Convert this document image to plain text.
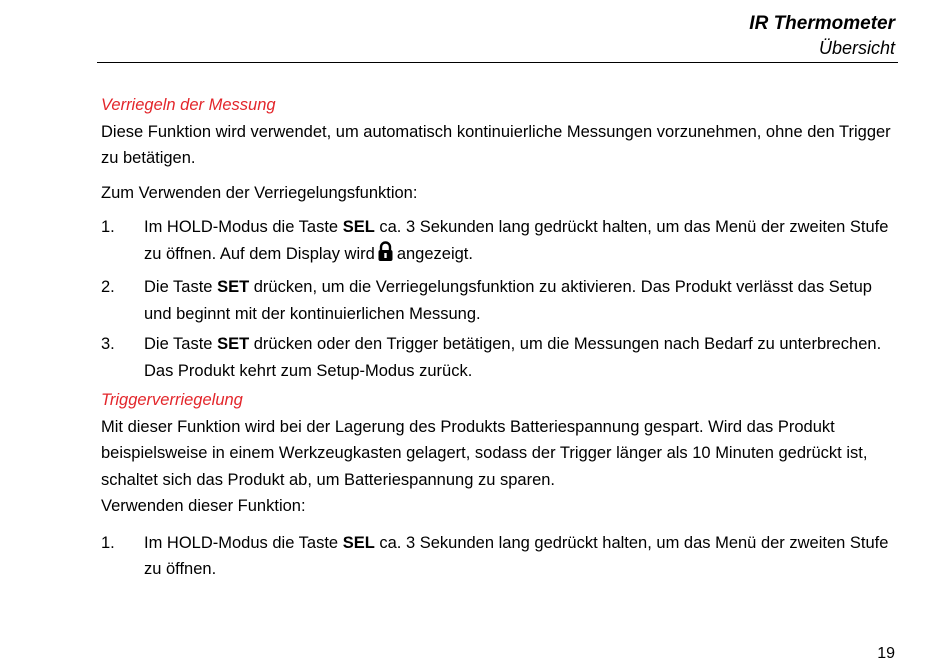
IR Thermometer
Übersicht

Verriegeln der Messung

Diese Funktion wird verwendet, um automatisch kontinuierliche Messungen vorzunehmen, ohne den Trigger zu betätigen.

Zum Verwenden der Verriegelungsfunktion:

1.	Im HOLD-Modus die Taste SEL ca. 3 Sekunden lang gedrückt halten, um das Menü der zweiten Stufe zu öffnen. Auf dem Display wird angezeigt.
2.	Die Taste SET drücken, um die Verriegelungsfunktion zu aktivieren. Das Produkt verlässt das Setup und beginnt mit der kontinuierlichen Messung.
3.	Die Taste SET drücken oder den Trigger betätigen, um die Messungen nach Bedarf zu unterbrechen. Das Produkt kehrt zum Setup-Modus zurück.

Triggerverriegelung

Mit dieser Funktion wird bei der Lagerung des Produkts Batteriespannung gespart. Wird das Produkt beispielsweise in einem Werkzeugkasten gelagert, sodass der Trigger länger als 10 Minuten gedrückt ist, schaltet sich das Produkt ab, um Batteriespannung zu sparen.

Verwenden dieser Funktion:

1.	Im HOLD-Modus die Taste SEL ca. 3 Sekunden lang gedrückt halten, um das Menü der zweiten Stufe zu öffnen.
19
